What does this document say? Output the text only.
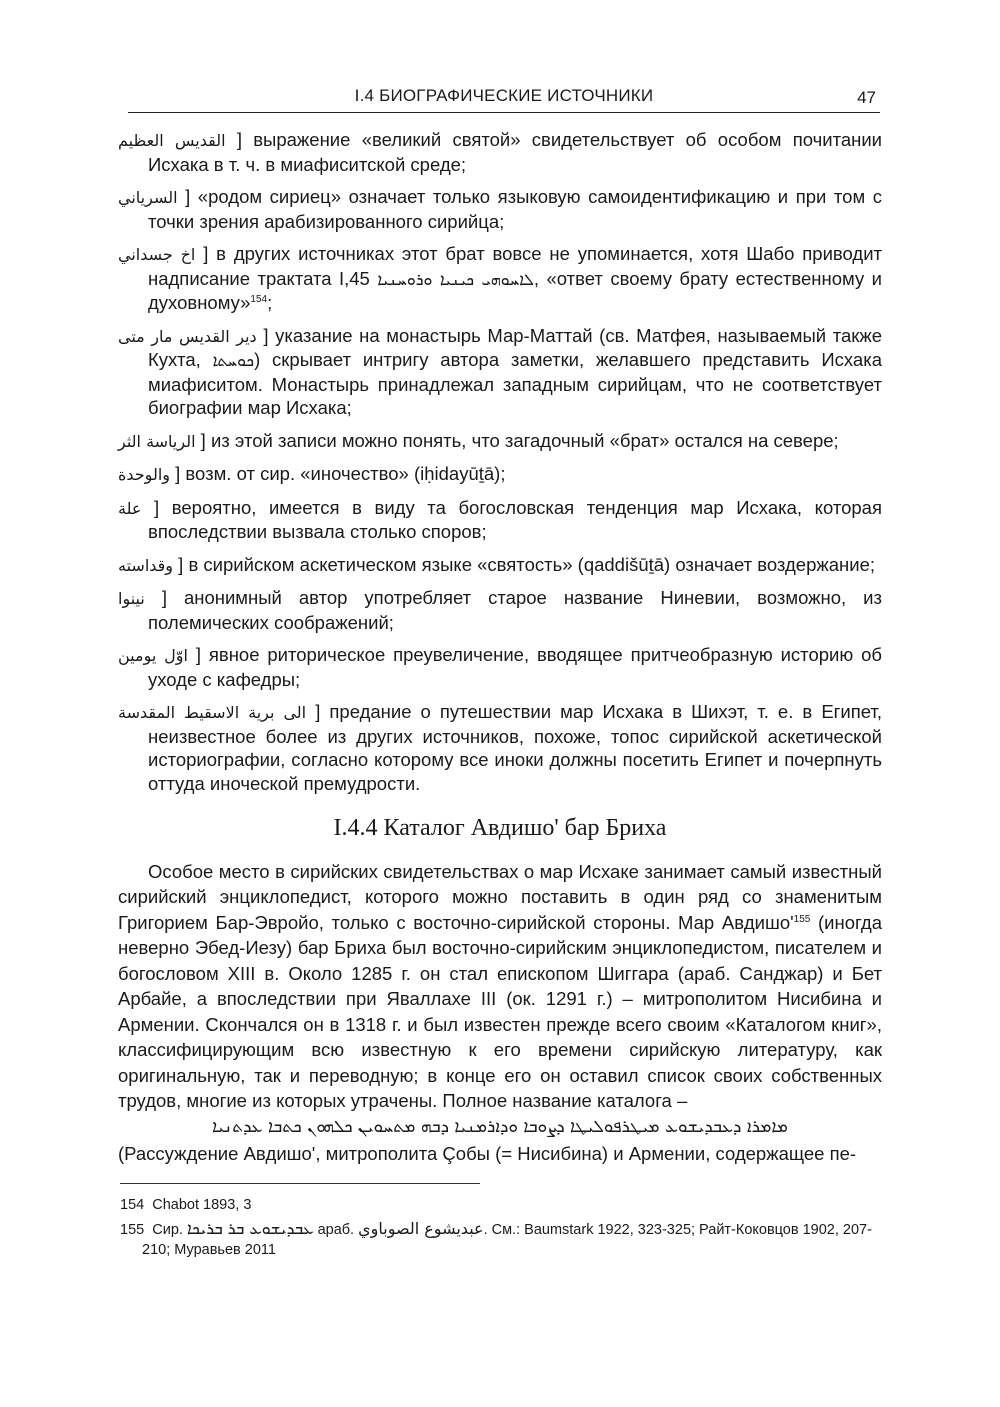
I.4 БИОГРАФИЧЕСКИЕ ИСТОЧНИКИ	47

القديس العظيم ] выражение «великий святой» свидетельствует об особом почитании Исхака в т. ч. в миафиситской среде;

السرياني ] «родом сириец» означает только языковую самоидентификацию и при том с точки зрения арабизированного сирийца;

اخ جسداني ] в других источниках этот брат вовсе не упоминается, хотя Шабо приводит надписание трактата I,45 ܠܐܚܘܗܝ ܟܝܢܝܐ ܘܪܘܚܢܝܐ, «ответ своему брату естественному и духовному»$^{154}$;

دير القديس مار متى ] указание на монастырь Мар-Маттай (св. Матфея, называемый также Кухта, ܟܘܚܬܐ) скрывает интригу автора заметки, желавшего представить Исхака миафиситом. Монастырь принадлежал западным сирийцам, что не соответствует биографии мар Исхака;

الرياسة الثر ] из этой записи можно понять, что загадочный «брат» остался на севере;

والوحدة ] возм. от сир. «иночество» (iḥidayūṯā);

علة ] вероятно, имеется в виду та богословская тенденция мар Исхака, которая впоследствии вызвала столько споров;

وقداسته ] в сирийском аскетическом языке «святость» (qaddišūṯā) означает воздержание;

نينوا ] анонимный автор употребляет старое название Ниневии, возможно, из полемических соображений;

اوّل يومين ] явное риторическое преувеличение, вводящее притчеобразную историю об уходе с кафедры;

الى برية الاسقيط المقدسة ] предание о путешествии мар Исхака в Шихэт, т. е. в Египет, неизвестное более из других источников, похоже, топос сирийской аскетической историографии, согласно которому все иноки должны посетить Египет и почерпнуть оттуда иноческой премудрости.

I.4.4 Каталог Авдишо' бар Бриха

Особое место в сирийских свидетельствах о мар Исхаке занимает самый известный сирийский энциклопедист, которого можно поставить в один ряд со знаменитым Григорием Бар-Эвройо, только с восточно-сирийской стороны. Мар $Авдишо'^{155}$ (иногда неверно Эбед-Иезу) бар Бриха был восточно-сирийским энциклопедистом, писателем и богословом XIII в. Около 1285 г. он стал епископом Шиггара (араб. Санджар) и Бет Арбайе, а впоследствии при Яваллахе III (ок. 1291 г.) – митрополитом Нисибина и Армении. Скончался он в 1318 г. и был известен прежде всего своим «Каталогом книг», классифицирующим всю известную к его времени сирийскую литературу, как оригинальную, так и переводную; в конце его он оставил список своих собственных трудов, многие из которых утрачены. Полное название каталога –

ܡܐܡܪܐ ܕܥܒܕܝܫܘܥ ܡܝܛܪܦܘܠܝܛܐ ܕܨܘܒܐ ܘܕܐܪܡܢܝܐ ܕܒܗ ܡܬܚܘܝܢ ܟܠܗܘܢ ܟܬܒܐ ܥܕܬܢܝܐ

(Рассуждение Авдишо', митрополита Çобы (= Нисибина) и Армении, содержащее пе-

154 Chabot 1893, 3

155 Сир. ܥܒܕܝܫܘܥ ܒܪ ܒܪܝܟܐ араб. عبديشوع الصوباوي. См.: Baumstark 1922, 323-325; Райт-Коковцов 1902, 207-210; Муравьев 2011
